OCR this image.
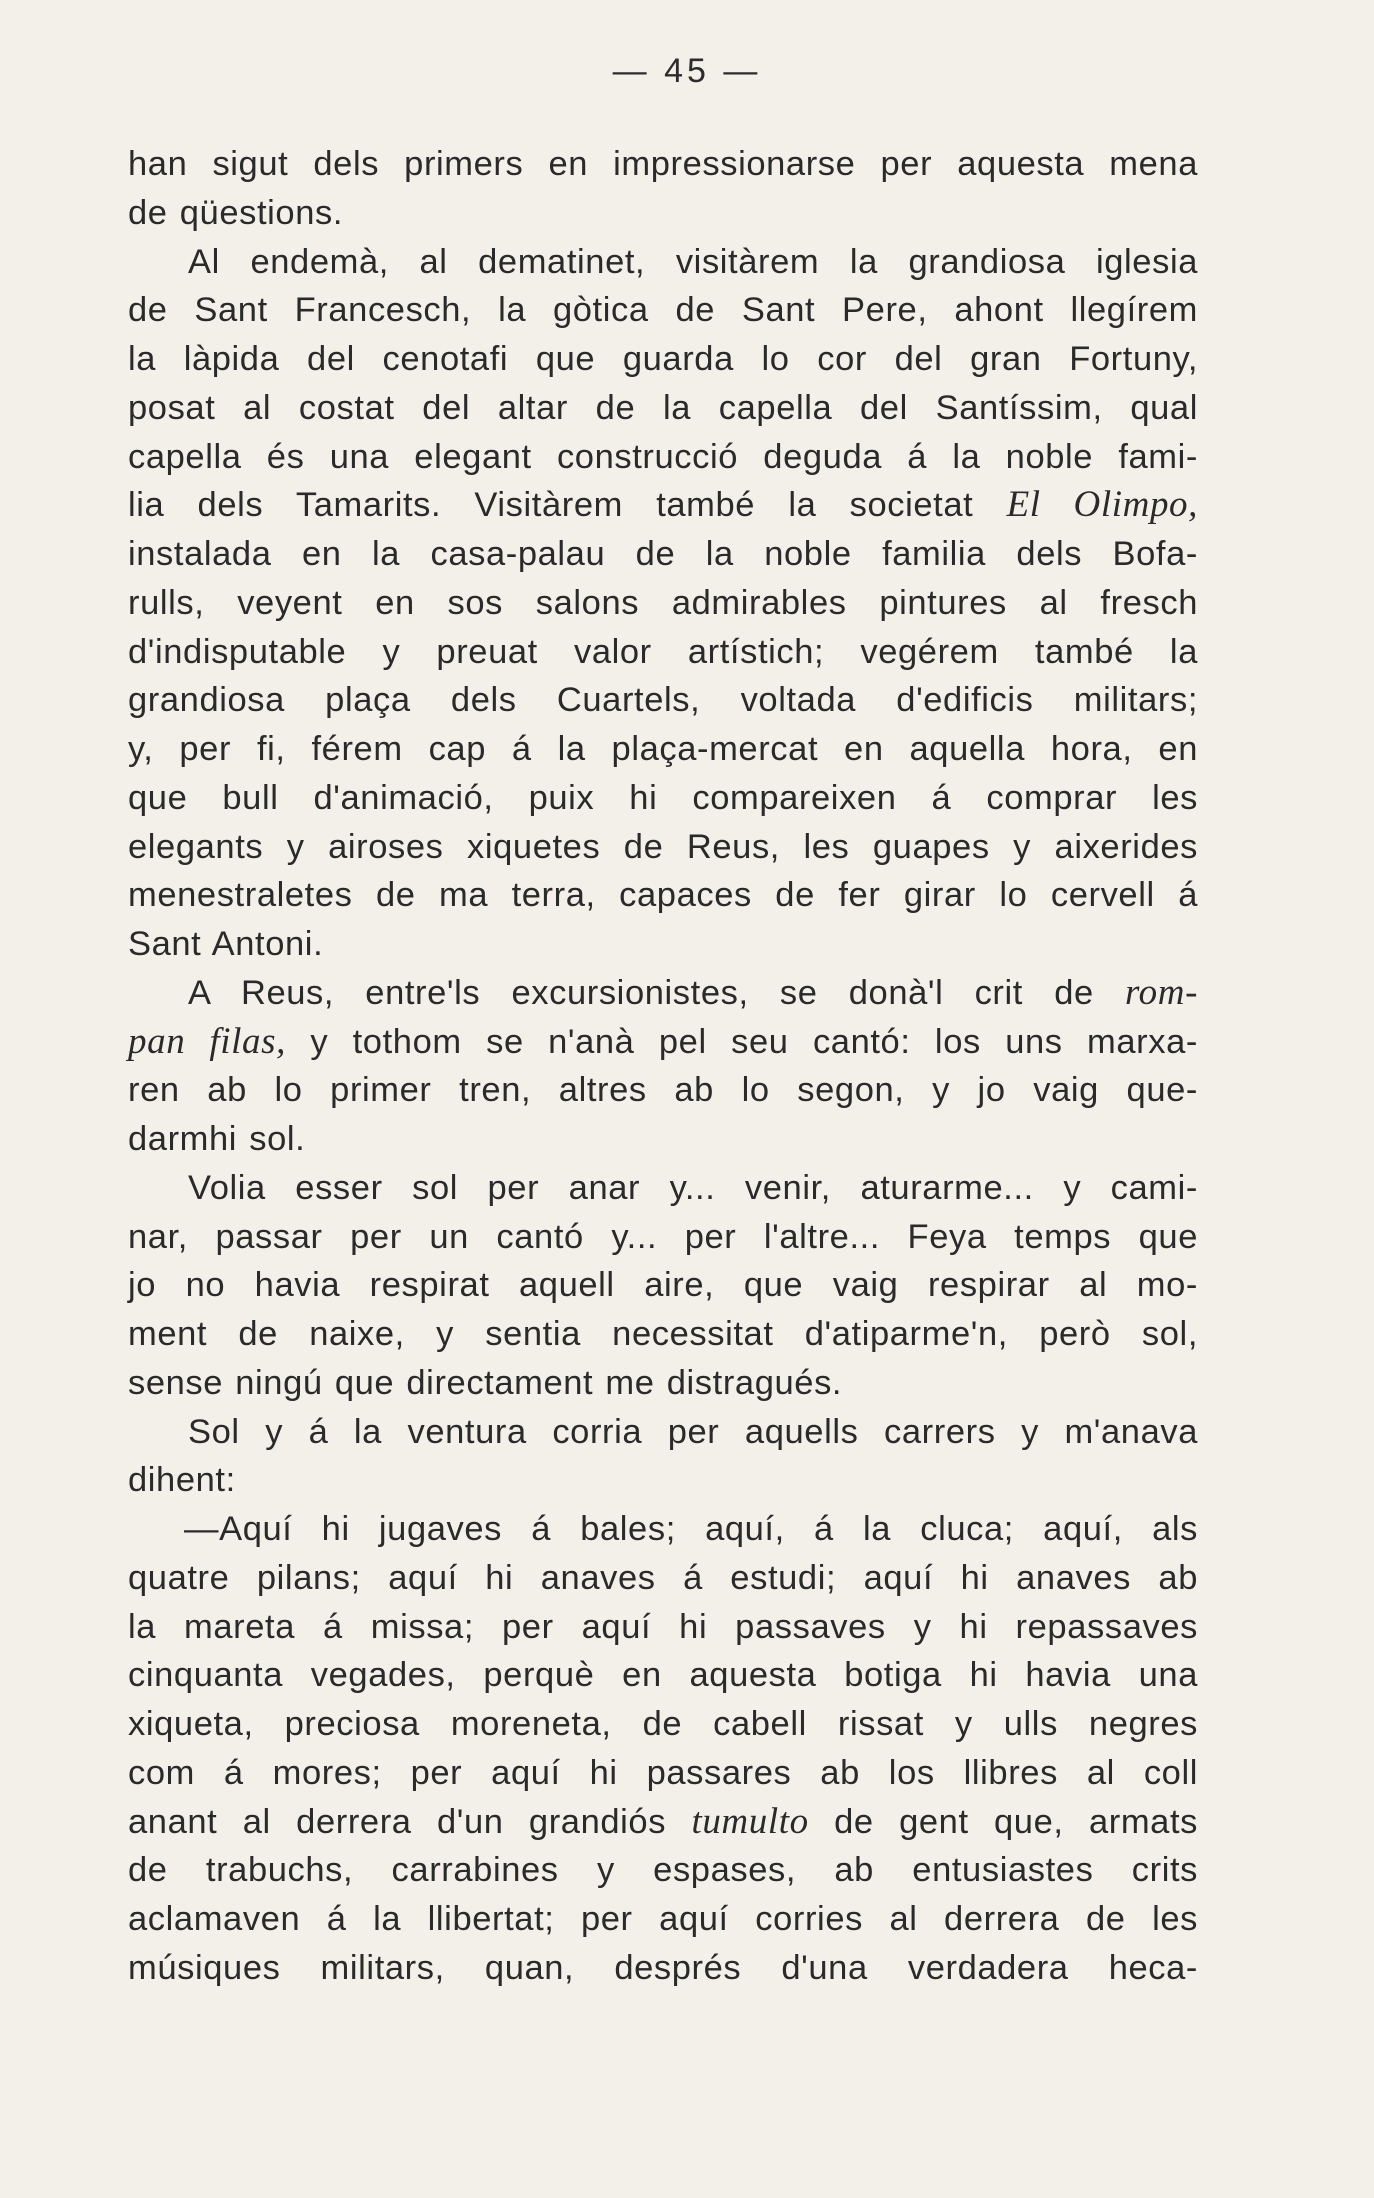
— 45 —
han sigut dels primers en impressionarse per aquesta mena
de qüestions.
Al endemà, al dematinet, visitàrem la grandiosa iglesia
de Sant Francesch, la gòtica de Sant Pere, ahont llegírem
la làpida del cenotafi que guarda lo cor del gran Fortuny,
posat al costat del altar de la capella del Santíssim, qual
capella és una elegant construcció deguda á la noble fami-
lia dels Tamarits. Visitàrem també la societat El Olimpo,
instalada en la casa-palau de la noble familia dels Bofa-
rulls, veyent en sos salons admirables pintures al fresch
d'indisputable y preuat valor artístich; vegérem també la
grandiosa plaça dels Cuartels, voltada d'edificis militars;
y, per fi, férem cap á la plaça-mercat en aquella hora, en
que bull d'animació, puix hi compareixen á comprar les
elegants y airoses xiquetes de Reus, les guapes y aixerides
menestraletes de ma terra, capaces de fer girar lo cervell á
Sant Antoni.
A Reus, entre'ls excursionistes, se donà'l crit de rom-
pan filas, y tothom se n'anà pel seu cantó: los uns marxa-
ren ab lo primer tren, altres ab lo segon, y jo vaig que-
darmhi sol.
Volia esser sol per anar y... venir, aturarme... y cami-
nar, passar per un cantó y... per l'altre... Feya temps que
jo no havia respirat aquell aire, que vaig respirar al mo-
ment de naixe, y sentia necessitat d'atiparme'n, però sol,
sense ningú que directament me distragués.
Sol y á la ventura corria per aquells carrers y m'anava
dihent:
—Aquí hi jugaves á bales; aquí, á la cluca; aquí, als
quatre pilans; aquí hi anaves á estudi; aquí hi anaves ab
la mareta á missa; per aquí hi passaves y hi repassaves
cinquanta vegades, perquè en aquesta botiga hi havia una
xiqueta, preciosa moreneta, de cabell rissat y ulls negres
com á mores; per aquí hi passares ab los llibres al coll
anant al derrera d'un grandiós tumulto de gent que, armats
de trabuchs, carrabines y espases, ab entusiastes crits
aclamaven á la llibertat; per aquí corries al derrera de les
músiques militars, quan, després d'una verdadera heca-
